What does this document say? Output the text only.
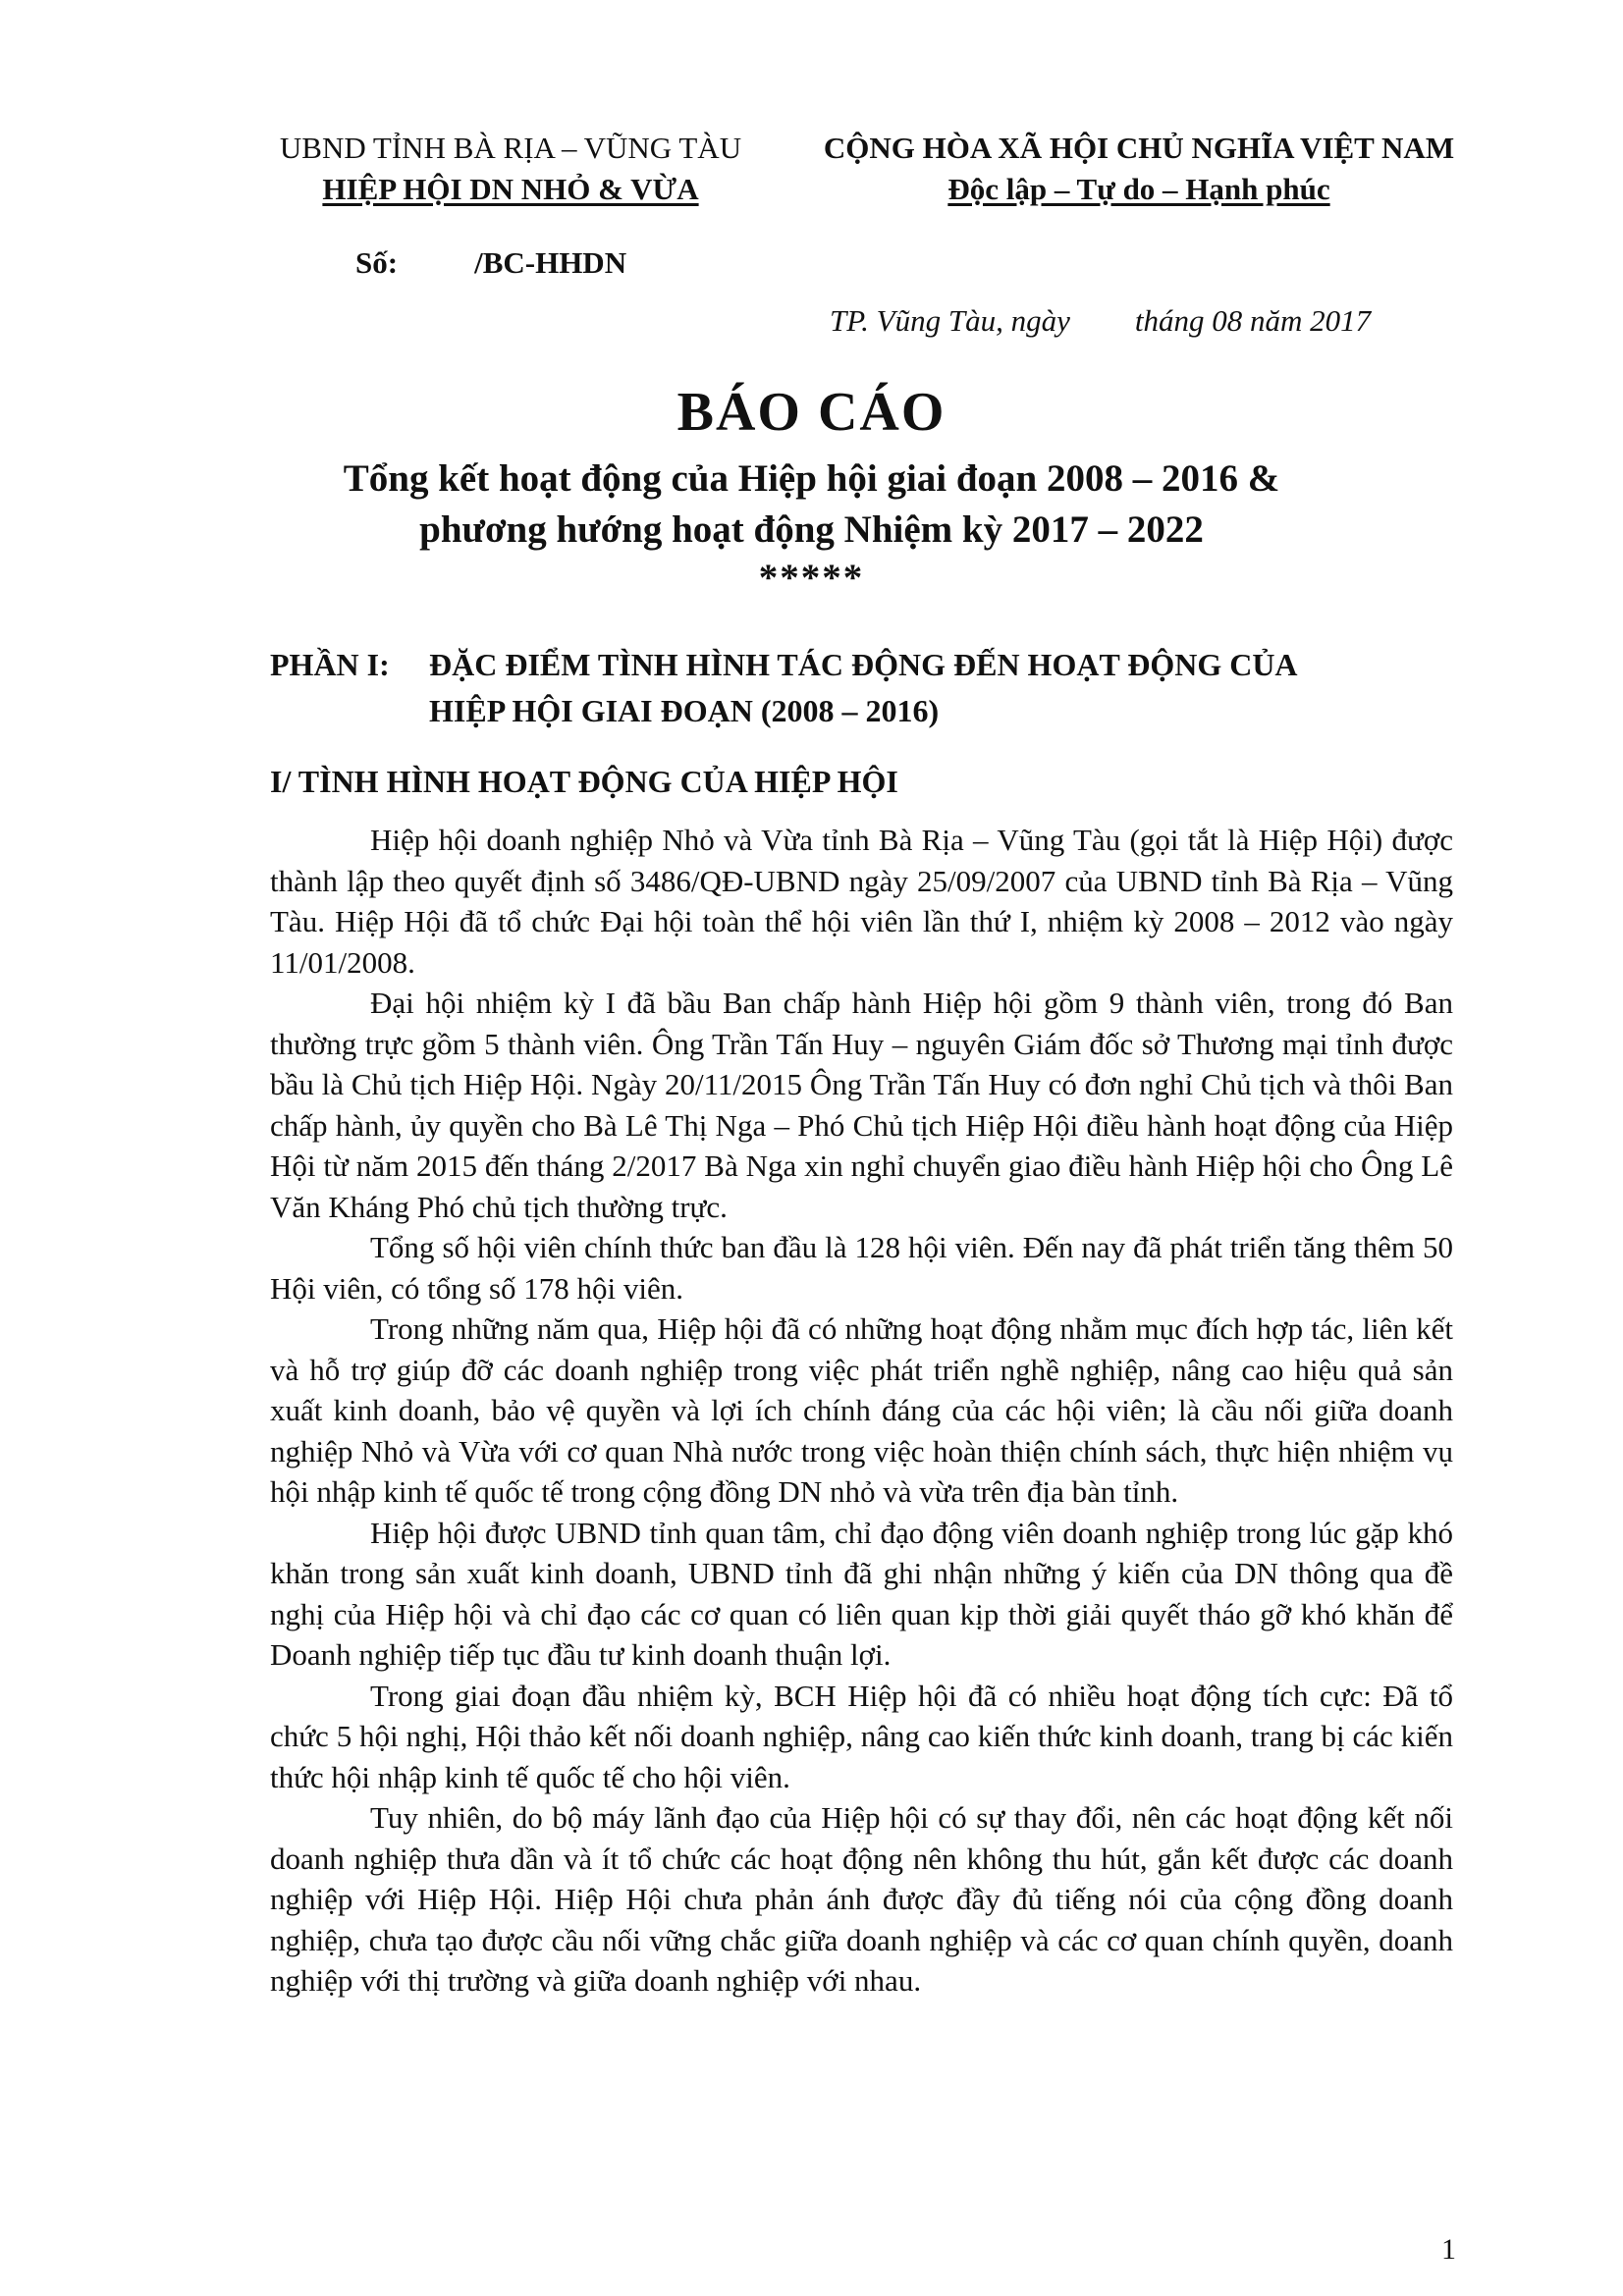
UBND TỈNH BÀ RỊA – VŨNG TÀU
HIỆP HỘI DN NHỎ & VỪA
CỘNG HÒA XÃ HỘI CHỦ NGHĨA VIỆT NAM
Độc lập – Tự do – Hạnh phúc
Số:	/BC-HHDN
TP. Vũng Tàu, ngày tháng 08 năm 2017
BÁO CÁO
Tổng kết hoạt động của Hiệp hội giai đoạn 2008 – 2016 &
phương hướng hoạt động Nhiệm kỳ 2017 – 2022
*****
PHẦN I: ĐẶC ĐIỂM TÌNH HÌNH TÁC ĐỘNG ĐẾN HOẠT ĐỘNG CỦA
HIỆP HỘI GIAI ĐOẠN (2008 – 2016)
I/ TÌNH HÌNH HOẠT ĐỘNG CỦA HIỆP HỘI

Hiệp hội doanh nghiệp Nhỏ và Vừa tỉnh Bà Rịa – Vũng Tàu (gọi tắt là Hiệp Hội) được thành lập theo quyết định số 3486/QĐ-UBND ngày 25/09/2007 của UBND tỉnh Bà Rịa – Vũng Tàu. Hiệp Hội đã tổ chức Đại hội toàn thể hội viên lần thứ I, nhiệm kỳ 2008 – 2012 vào ngày 11/01/2008.

Đại hội nhiệm kỳ I đã bầu Ban chấp hành Hiệp hội gồm 9 thành viên, trong đó Ban thường trực gồm 5 thành viên. Ông Trần Tấn Huy – nguyên Giám đốc sở Thương mại tỉnh được bầu là Chủ tịch Hiệp Hội. Ngày 20/11/2015 Ông Trần Tấn Huy có đơn nghỉ Chủ tịch và thôi Ban chấp hành, ủy quyền cho Bà Lê Thị Nga – Phó Chủ tịch Hiệp Hội điều hành hoạt động của Hiệp Hội từ năm 2015 đến tháng 2/2017 Bà Nga xin nghỉ chuyển giao điều hành Hiệp hội cho Ông Lê Văn Kháng Phó chủ tịch thường trực.

Tổng số hội viên chính thức ban đầu là 128 hội viên. Đến nay đã phát triển tăng thêm 50 Hội viên, có tổng số 178 hội viên.

Trong những năm qua, Hiệp hội đã có những hoạt động nhằm mục đích hợp tác, liên kết và hỗ trợ giúp đỡ các doanh nghiệp trong việc phát triển nghề nghiệp, nâng cao hiệu quả sản xuất kinh doanh, bảo vệ quyền và lợi ích chính đáng của các hội viên; là cầu nối giữa doanh nghiệp Nhỏ và Vừa với cơ quan Nhà nước trong việc hoàn thiện chính sách, thực hiện nhiệm vụ hội nhập kinh tế quốc tế trong cộng đồng DN nhỏ và vừa trên địa bàn tỉnh.

Hiệp hội được UBND tỉnh quan tâm, chỉ đạo động viên doanh nghiệp trong lúc gặp khó khăn trong sản xuất kinh doanh, UBND tỉnh đã ghi nhận những ý kiến của DN thông qua đề nghị của Hiệp hội và chỉ đạo các cơ quan có liên quan kịp thời giải quyết tháo gỡ khó khăn để Doanh nghiệp tiếp tục đầu tư kinh doanh thuận lợi.

Trong giai đoạn đầu nhiệm kỳ, BCH Hiệp hội đã có nhiều hoạt động tích cực: Đã tổ chức 5 hội nghị, Hội thảo kết nối doanh nghiệp, nâng cao kiến thức kinh doanh, trang bị các kiến thức hội nhập kinh tế quốc tế cho hội viên.

Tuy nhiên, do bộ máy lãnh đạo của Hiệp hội có sự thay đổi, nên các hoạt động kết nối doanh nghiệp thưa dần và ít tổ chức các hoạt động nên không thu hút, gắn kết được các doanh nghiệp với Hiệp Hội. Hiệp Hội chưa phản ánh được đầy đủ tiếng nói của cộng đồng doanh nghiệp, chưa tạo được cầu nối vững chắc giữa doanh nghiệp và các cơ quan chính quyền, doanh nghiệp với thị trường và giữa doanh nghiệp với nhau.

1
